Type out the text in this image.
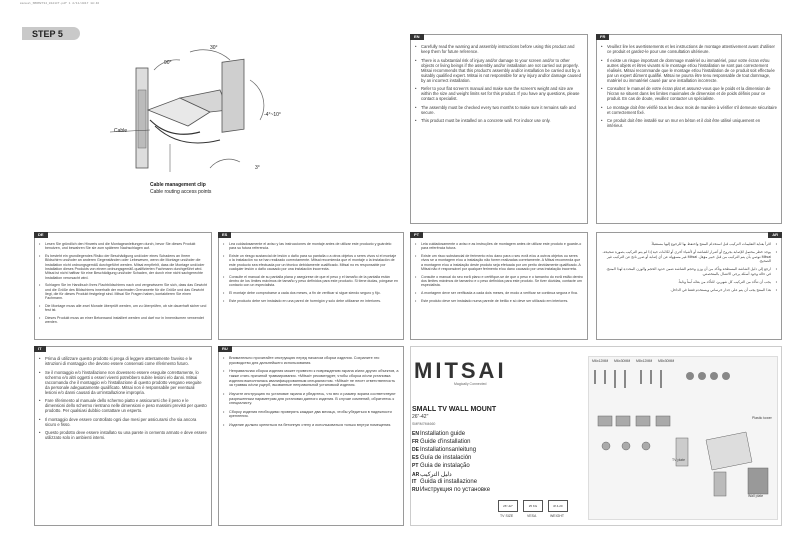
manual_SMRM2734_0121CT.pdf 1 2/11/2017 18:46
STEP 5
30°
90°
-4°~10°
3°
Cable
Cable management clip
Cable routing access points
EN

• Carefully read the warning and assembly instructions before using this product and keep them for future reference.

• There is a substantial risk of injury and/or damage to your screen and/or to other objects or living beings if the assembly and/or installation are not carried out properly. Mitsai recommends that this product's assembly and/or installation be carried out by a suitably qualified expert. Mitsai is not responsible for any injury and/or damage caused by an incorrect installation.

• Refer to your flat screen's manual and make sure the screen's weight and size are within the size and weight limits set for this product. If you have any questions, please contact a specialist.

• The assembly must be checked every two months to make sure it remains safe and secure.

• This product must be installed on a concrete wall. For indoor use only.

FR

• Veuillez lire les avertissements et les instructions de montage attentivement avant d'utiliser ce produit et gardez-le pour une consultation ultérieure.

• Il existe un risque important de dommage matériel ou immatériel, pour votre écran et/ou autres objets et êtres vivants si le montage et/ou l'installation ne sont pas correctement réalisés. Mitsai recommande que le montage et/ou l'installation de ce produit soit effectuée par un expert dûment qualifié. Mitsai ne pourra être tenu responsable de tout dommage, matériel ou immatériel causé par une installation incorrecte.

• Consultez le manuel de votre écran plat et assurez-vous que le poids et la dimension de l'écran se situent dans les limites maximales de dimension et de poids définis pour ce produit. En cas de doute, veuillez contacter un spécialiste.

• Le montage doit être vérifié tous les deux mois de manière à vérifier s'il demeure sécuritaire et correctement fixé.

• Ce produit doit être installé sur un mur en béton et il doit être utilisé uniquement en intérieur.

DE

• Lesen Sie gründlich den Hinweis und die Montageanleitungen durch, bevor Sie dieses Produkt benutzen, und bewahren Sie sie zum späteren Nachschlagen auf.

• Es besteht ein grundlegendes Risiko der Beschädigung und/oder eines Schadens an Ihrem Bildschirm und/oder an anderen Gegenständen oder Lebewesen, wenn die Montage und/oder die Installation nicht ordnungsgemäß durchgeführt werden. Mitsai empfiehlt, dass die Montage und/oder Installation dieses Produkts von einem ordnungsgemäß qualifizierten Fachmann durchgeführt wird. Mitsai ist nicht haftbar für eine Beschädigung und/oder Schaden, der durch eine nicht sachgerechte Installation verursacht wird.

• Schlagen Sie im Handbuch Ihres Flachbildschirms nach und vergewissern Sie sich, dass das Gewicht und die Größe des Bildschirms innerhalb der maximalen Grenzwerte für die Größe und das Gewicht liegt, die für dieses Produkt festgelegt sind. Mitsai Sie Fragen haben, kontaktieren Sie einen Fachmann.

• Die Montage muss alle zwei Monate überprüft werden, um zu überprüfen, ob sie dauerhaft sicher und fest ist.

• Dieses Produkt muss an einer Betonwand installiert werden und darf nur in Innenräumen verwendet werden.

ES

• Lea cuidadosamente el aviso y las instrucciones de montaje antes de utilizar este producto y guárdelo para su futura referencia.

• Existe un riesgo sustancial de lesión o daño para su pantalla o a otros objetos o seres vivos si el montaje o la instalación no se han realizado correctamente. Mitsai recomienda que el montaje o la instalación de este producto sea efectuada por un técnico debidamente cualificado. Mitsai no es responsable por cualquier lesión o daño causado por una instalación incorrecta.

• Consulte el manual de su pantalla plana y asegúrese de que el peso y el tamaño de la pantalla están dentro de los límites máximos de tamaño y peso definidos para este producto. Si tiene dudas, póngase en contacto con un especialista.

• El montaje debe comprobarse a cada dos meses, a fin de verificar si sigue siendo seguro y fijo.

• Este producto debe ser instalado en una pared de hormigón y solo debe utilizarse en interiores.

PT

• Leia cuidadosamente o aviso e as instruções de montagem antes de utilizar este produto e guarde-o para referência futura.

• Existe um risco substancial de ferimento e/ou dano para o seu ecrã e/ou a outros objetos ou seres vivos se a montagem e/ou a instalação não forem realizadas corretamente. A Mitsai recomenda que a montagem e/ou a instalação deste produto seja efetuada por um perito devidamente qualificado. A Mitsai não é responsável por qualquer ferimento e/ou dano causado por uma instalação incorreta.

• Consulte o manual do seu ecrã plano e certifique-se de que o peso e o tamanho do ecrã estão dentro dos limites máximos de tamanho e o peso definidos para este produto. Se tiver dúvidas, contacte um especialista.

• A montagem deve ser verificada a cada dois meses, de modo a verificar se continua segura e fixa.

• Este produto deve ser instalado numa parede de betão e só deve ser utilizado em interiores.

AR

• اقرأ بعناية التعليمات التركيب قبل استخدام المنتج واحتفظ بها للرجوع إليها مستقبلاً.

• يوجد خطر محتمل للإصابة بجروح أو أضرار للشاشة أو لأشياء أخرى أو لكائنات حية إذا لم يتم التركيب بصورة صحيحة. Mitsai توصي بأن يتم التركيب من قبل خبير مؤهل. Mitsai غير مسؤولة عن أي إصابة أو ضرر ناتج عن التركيب غير الصحيح.

• ارجع إلى دليل الشاشة المسطحة وتأكد من أن وزن وحجم الشاشة ضمن حدود الحجم والوزن المحددة لهذا المنتج. في حالة وجود أسئلة يرجى الاتصال بالمتخصص.

• يجب أن تتأكد من التركيب كل شهرين، للتأكد من بقائه آمناً وثابتاً.

• هذا المنتج يجب أن يتم على جدار خرساني ويستخدم فقط في الداخل.

IT

• Prima di utilizzare questo prodotto si prega di leggere attentamente l'avviso e le istruzioni di montaggio che devono essere conservati come riferimento futuro.

• Se il montaggio e/o l'installazione non dovessero essere eseguite correttamente, lo schermo e/o altri oggetti o esseri viventi potrebbero subire lesioni e/o danni. Mitsai raccomanda che il montaggio e/o l'installazione di questo prodotto vengano eseguite da personale adeguatamente qualificato. Mitsai non è responsabile per eventuali lesioni e/o danni causati da un'installazione impropria.

• Fare riferimento al manuale dello schermo piatto e assicurarsi che il peso e le dimensioni dello schermo rientrano nelle dimensioni e peso massimi previsti per questo prodotto. Per qualsiasi dubbio contattare un esperto.

• Il montaggio deve essere controllato ogni due mesi per assicurarsi che sia ancora sicuro e fisso.

• Questo prodotto deve essere installato su una parete in cemento armato e deve essere utilizzato solo in ambienti interni.

RU

• Внимательно прочитайте инструкцию перед началом сборки изделия. Сохраните это руководство для дальнейшего использования.

• Неправильная сборка изделия может привести к повреждению экрана и/или других объектов, а также стать причиной травмирования. «Mitsai» рекомендует, чтобы сборка и/или установка изделия выполнялась квалифицированным специалистом. «Mitsai» не несет ответственность за травмы и/или ущерб, вызванные неправильной установкой изделия.

• Изучите инструкцию по установке экрана и убедитесь, что вес и размер экрана соответствуют разрешенным параметрам для установки данного изделия. В случае сомнений, обратитесь к специалисту.

• Сборку изделия необходимо проверять каждые два месяца, чтобы убедиться в надежности крепления.

• Изделие должно крепиться на бетонную стену и использоваться только внутри помещения.

MITSAI
Magically Connected
SMALL TV WALL MOUNT
26"-42"
SMRM7M4660
ENInstallation guide
FRGuide d'installation
DEInstallationsanleitung
ESGuía de instalación
PT Guia de instalação
ARدليل التركيب
IT Guida di installazione
RUИнструкция по установке
26"-42"	25 KG	Ø 4-20
TV SIZE	VESA	WEIGHT
M6x12MM M6x30MM M8x12MM M8x30MM
Plastic tower
TV plate
Wall plate
